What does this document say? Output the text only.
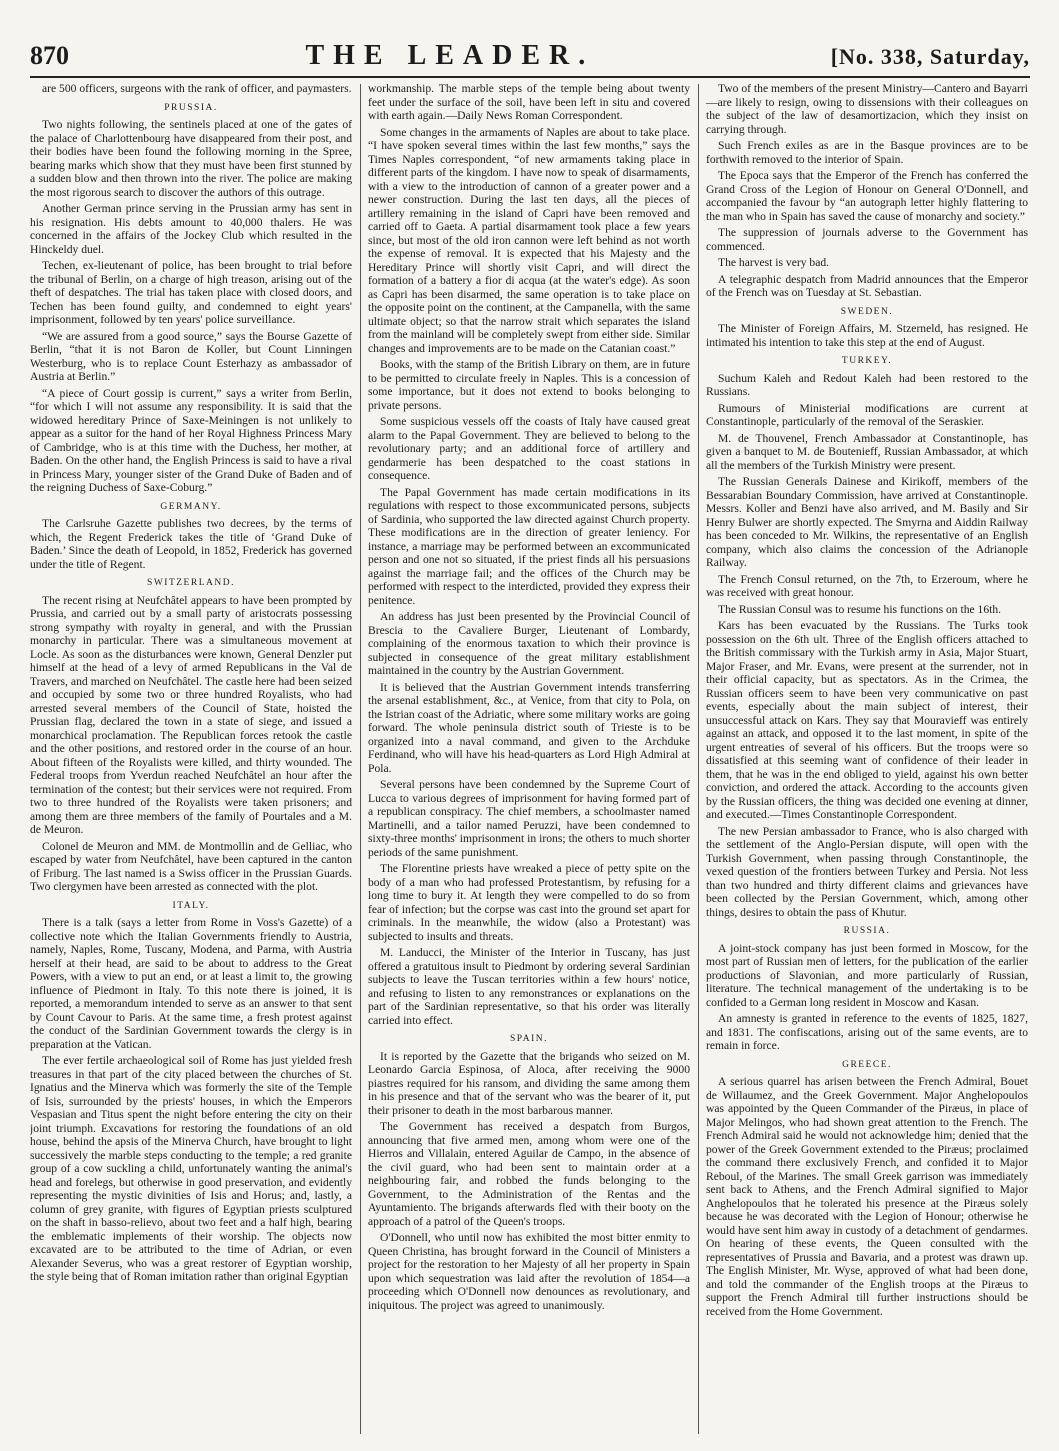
870	THE LEADER.	[No. 338, Saturday,

are 500 officers, surgeons with the rank of officer, and paymasters.

PRUSSIA.

Two nights following, the sentinels placed at one of the gates of the palace of Charlottenbourg have disappeared from their post, and their bodies have been found the following morning in the Spree, bearing marks which show that they must have been first stunned by a sudden blow and then thrown into the river. The police are making the most rigorous search to discover the authors of this outrage.

Another German prince serving in the Prussian army has sent in his resignation. His debts amount to 40,000 thalers. He was concerned in the affairs of the Jockey Club which resulted in the Hinckeldy duel.

Techen, ex-lieutenant of police, has been brought to trial before the tribunal of Berlin, on a charge of high treason, arising out of the theft of despatches. The trial has taken place with closed doors, and Techen has been found guilty, and condemned to eight years' imprisonment, followed by ten years' police surveillance.

“We are assured from a good source,” says the Bourse Gazette of Berlin, “that it is not Baron de Koller, but Count Linningen Westerburg, who is to replace Count Esterhazy as ambassador of Austria at Berlin.”

“A piece of Court gossip is current,” says a writer from Berlin, “for which I will not assume any responsibility. It is said that the widowed hereditary Prince of Saxe-Meiningen is not unlikely to appear as a suitor for the hand of her Royal Highness Princess Mary of Cambridge, who is at this time with the Duchess, her mother, at Baden. On the other hand, the English Princess is said to have a rival in Princess Mary, younger sister of the Grand Duke of Baden and of the reigning Duchess of Saxe-Coburg.”

GERMANY.

The Carlsruhe Gazette publishes two decrees, by the terms of which, the Regent Frederick takes the title of ‘Grand Duke of Baden.’ Since the death of Leopold, in 1852, Frederick has governed under the title of Regent.

SWITZERLAND.

The recent rising at Neufchâtel appears to have been prompted by Prussia, and carried out by a small party of aristocrats possessing strong sympathy with royalty in general, and with the Prussian monarchy in particular. There was a simultaneous movement at Locle. As soon as the disturbances were known, General Denzler put himself at the head of a levy of armed Republicans in the Val de Travers, and marched on Neufchâtel. The castle here had been seized and occupied by some two or three hundred Royalists, who had arrested several members of the Council of State, hoisted the Prussian flag, declared the town in a state of siege, and issued a monarchical proclamation. The Republican forces retook the castle and the other positions, and restored order in the course of an hour. About fifteen of the Royalists were killed, and thirty wounded. The Federal troops from Yverdun reached Neufchâtel an hour after the termination of the contest; but their services were not required. From two to three hundred of the Royalists were taken prisoners; and among them are three members of the family of Pourtales and a M. de Meuron.

Colonel de Meuron and MM. de Montmollin and de Gelliac, who escaped by water from Neufchâtel, have been captured in the canton of Friburg. The last named is a Swiss officer in the Prussian Guards. Two clergymen have been arrested as connected with the plot.

ITALY.

There is a talk (says a letter from Rome in Voss's Gazette) of a collective note which the Italian Governments friendly to Austria, namely, Naples, Rome, Tuscany, Modena, and Parma, with Austria herself at their head, are said to be about to address to the Great Powers, with a view to put an end, or at least a limit to, the growing influence of Piedmont in Italy. To this note there is joined, it is reported, a memorandum intended to serve as an answer to that sent by Count Cavour to Paris. At the same time, a fresh protest against the conduct of the Sardinian Government towards the clergy is in preparation at the Vatican.

The ever fertile archaeological soil of Rome has just yielded fresh treasures in that part of the city placed between the churches of St. Ignatius and the Minerva which was formerly the site of the Temple of Isis, surrounded by the priests' houses, in which the Emperors Vespasian and Titus spent the night before entering the city on their joint triumph. Excavations for restoring the foundations of an old house, behind the apsis of the Minerva Church, have brought to light successively the marble steps conducting to the temple; a red granite group of a cow suckling a child, unfortunately wanting the animal's head and forelegs, but otherwise in good preservation, and evidently representing the mystic divinities of Isis and Horus; and, lastly, a column of grey granite, with figures of Egyptian priests sculptured on the shaft in basso-relievo, about two feet and a half high, bearing the emblematic implements of their worship. The objects now excavated are to be attributed to the time of Adrian, or even Alexander Severus, who was a great restorer of Egyptian worship, the style being that of Roman imitation rather than original Egyptian

workmanship. The marble steps of the temple being about twenty feet under the surface of the soil, have been left in situ and covered with earth again.—Daily News Roman Correspondent.

Some changes in the armaments of Naples are about to take place. “I have spoken several times within the last few months,” says the Times Naples correspondent, “of new armaments taking place in different parts of the kingdom. I have now to speak of disarmaments, with a view to the introduction of cannon of a greater power and a newer construction. During the last ten days, all the pieces of artillery remaining in the island of Capri have been removed and carried off to Gaeta. A partial disarmament took place a few years since, but most of the old iron cannon were left behind as not worth the expense of removal. It is expected that his Majesty and the Hereditary Prince will shortly visit Capri, and will direct the formation of a battery a fior di acqua (at the water's edge). As soon as Capri has been disarmed, the same operation is to take place on the opposite point on the continent, at the Campanella, with the same ultimate object; so that the narrow strait which separates the island from the mainland will be completely swept from either side. Similar changes and improvements are to be made on the Catanian coast.”

Books, with the stamp of the British Library on them, are in future to be permitted to circulate freely in Naples. This is a concession of some importance, but it does not extend to books belonging to private persons.

Some suspicious vessels off the coasts of Italy have caused great alarm to the Papal Government. They are believed to belong to the revolutionary party; and an additional force of artillery and gendarmerie has been despatched to the coast stations in consequence.

The Papal Government has made certain modifications in its regulations with respect to those excommunicated persons, subjects of Sardinia, who supported the law directed against Church property. These modifications are in the direction of greater leniency. For instance, a marriage may be performed between an excommunicated person and one not so situated, if the priest finds all his persuasions against the marriage fail; and the offices of the Church may be performed with respect to the interdicted, provided they express their penitence.

An address has just been presented by the Provincial Council of Brescia to the Cavaliere Burger, Lieutenant of Lombardy, complaining of the enormous taxation to which their province is subjected in consequence of the great military establishment maintained in the country by the Austrian Government.

It is believed that the Austrian Government intends transferring the arsenal establishment, &c., at Venice, from that city to Pola, on the Istrian coast of the Adriatic, where some military works are going forward. The whole peninsula district south of Trieste is to be organized into a naval command, and given to the Archduke Ferdinand, who will have his head-quarters as Lord High Admiral at Pola.

Several persons have been condemned by the Supreme Court of Lucca to various degrees of imprisonment for having formed part of a republican conspiracy. The chief members, a schoolmaster named Martinelli, and a tailor named Peruzzi, have been condemned to sixty-three months' imprisonment in irons; the others to much shorter periods of the same punishment.

The Florentine priests have wreaked a piece of petty spite on the body of a man who had professed Protestantism, by refusing for a long time to bury it. At length they were compelled to do so from fear of infection; but the corpse was cast into the ground set apart for criminals. In the meanwhile, the widow (also a Protestant) was subjected to insults and threats.

M. Landucci, the Minister of the Interior in Tuscany, has just offered a gratuitous insult to Piedmont by ordering several Sardinian subjects to leave the Tuscan territories within a few hours' notice, and refusing to listen to any remonstrances or explanations on the part of the Sardinian representative, so that his order was literally carried into effect.

SPAIN.

It is reported by the Gazette that the brigands who seized on M. Leonardo Garcia Espinosa, of Aloca, after receiving the 9000 piastres required for his ransom, and dividing the same among them in his presence and that of the servant who was the bearer of it, put their prisoner to death in the most barbarous manner.

The Government has received a despatch from Burgos, announcing that five armed men, among whom were one of the Hierros and Villalain, entered Aguilar de Campo, in the absence of the civil guard, who had been sent to maintain order at a neighbouring fair, and robbed the funds belonging to the Government, to the Administration of the Rentas and the Ayuntamiento. The brigands afterwards fled with their booty on the approach of a patrol of the Queen's troops.

O'Donnell, who until now has exhibited the most bitter enmity to Queen Christina, has brought forward in the Council of Ministers a project for the restoration to her Majesty of all her property in Spain upon which sequestration was laid after the revolution of 1854—a proceeding which O'Donnell now denounces as revolutionary, and iniquitous. The project was agreed to unanimously.

Two of the members of the present Ministry—Cantero and Bayarri—are likely to resign, owing to dissensions with their colleagues on the subject of the law of desamortizacion, which they insist on carrying through.

Such French exiles as are in the Basque provinces are to be forthwith removed to the interior of Spain.

The Epoca says that the Emperor of the French has conferred the Grand Cross of the Legion of Honour on General O'Donnell, and accompanied the favour by “an autograph letter highly flattering to the man who in Spain has saved the cause of monarchy and society.”

The suppression of journals adverse to the Government has commenced.

The harvest is very bad.

A telegraphic despatch from Madrid announces that the Emperor of the French was on Tuesday at St. Sebastian.

SWEDEN.

The Minister of Foreign Affairs, M. Stzerneld, has resigned. He intimated his intention to take this step at the end of August.

TURKEY.

Suchum Kaleh and Redout Kaleh had been restored to the Russians.

Rumours of Ministerial modifications are current at Constantinople, particularly of the removal of the Seraskier.

M. de Thouvenel, French Ambassador at Constantinople, has given a banquet to M. de Boutenieff, Russian Ambassador, at which all the members of the Turkish Ministry were present.

The Russian Generals Dainese and Kirikoff, members of the Bessarabian Boundary Commission, have arrived at Constantinople. Messrs. Koller and Benzi have also arrived, and M. Basily and Sir Henry Bulwer are shortly expected. The Smyrna and Aiddin Railway has been conceded to Mr. Wilkins, the representative of an English company, which also claims the concession of the Adrianople Railway.

The French Consul returned, on the 7th, to Erzeroum, where he was received with great honour.

The Russian Consul was to resume his functions on the 16th.

Kars has been evacuated by the Russians. The Turks took possession on the 6th ult. Three of the English officers attached to the British commissary with the Turkish army in Asia, Major Stuart, Major Fraser, and Mr. Evans, were present at the surrender, not in their official capacity, but as spectators. As in the Crimea, the Russian officers seem to have been very communicative on past events, especially about the main subject of interest, their unsuccessful attack on Kars. They say that Mouravieff was entirely against an attack, and opposed it to the last moment, in spite of the urgent entreaties of several of his officers. But the troops were so dissatisfied at this seeming want of confidence of their leader in them, that he was in the end obliged to yield, against his own better conviction, and ordered the attack. According to the accounts given by the Russian officers, the thing was decided one evening at dinner, and executed.—Times Constantinople Correspondent.

The new Persian ambassador to France, who is also charged with the settlement of the Anglo-Persian dispute, will open with the Turkish Government, when passing through Constantinople, the vexed question of the frontiers between Turkey and Persia. Not less than two hundred and thirty different claims and grievances have been collected by the Persian Government, which, among other things, desires to obtain the pass of Khutur.

RUSSIA.

A joint-stock company has just been formed in Moscow, for the most part of Russian men of letters, for the publication of the earlier productions of Slavonian, and more particularly of Russian, literature. The technical management of the undertaking is to be confided to a German long resident in Moscow and Kasan.

An amnesty is granted in reference to the events of 1825, 1827, and 1831. The confiscations, arising out of the same events, are to remain in force.

GREECE.

A serious quarrel has arisen between the French Admiral, Bouet de Willaumez, and the Greek Government. Major Anghelopoulos was appointed by the Queen Commander of the Piræus, in place of Major Melingos, who had shown great attention to the French. The French Admiral said he would not acknowledge him; denied that the power of the Greek Government extended to the Piræus; proclaimed the command there exclusively French, and confided it to Major Reboul, of the Marines. The small Greek garrison was immediately sent back to Athens, and the French Admiral signified to Major Anghelopoulos that he tolerated his presence at the Piræus solely because he was decorated with the Legion of Honour; otherwise he would have sent him away in custody of a detachment of gendarmes. On hearing of these events, the Queen consulted with the representatives of Prussia and Bavaria, and a protest was drawn up. The English Minister, Mr. Wyse, approved of what had been done, and told the commander of the English troops at the Piræus to support the French Admiral till further instructions should be received from the Home Government.
